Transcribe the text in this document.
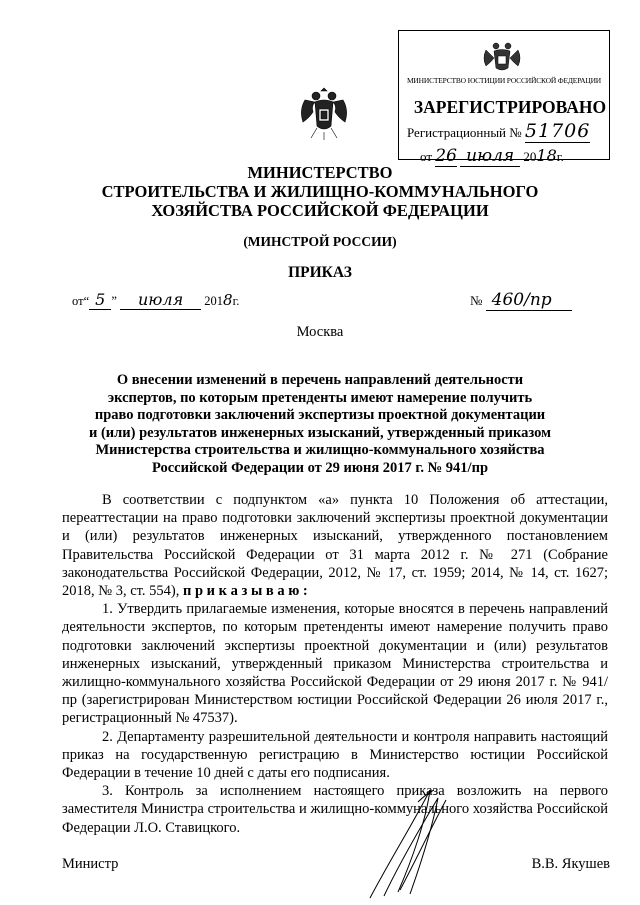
МИНИСТЕРСТВО ЮСТИЦИИ РОССИЙСКОЙ ФЕДЕРАЦИИ
ЗАРЕГИСТРИРОВАНО
Регистрационный № 51706
от 26 июля 2018г.
МИНИСТЕРСТВО
СТРОИТЕЛЬСТВА И ЖИЛИЩНО-КОММУНАЛЬНОГО
ХОЗЯЙСТВА РОССИЙСКОЙ ФЕДЕРАЦИИ
(МИНСТРОЙ РОССИИ)
ПРИКАЗ
от“ 5 ” июля 2018г.	№ 460/пр
Москва
О внесении изменений в перечень направлений деятельности
экспертов, по которым претенденты имеют намерение получить
право подготовки заключений экспертизы проектной документации
и (или) результатов инженерных изысканий, утвержденный приказом
Министерства строительства и жилищно-коммунального хозяйства
Российской Федерации от 29 июня 2017 г. № 941/пр

В соответствии с подпунктом «а» пункта 10 Положения об аттестации, переаттестации на право подготовки заключений экспертизы проектной документации и (или) результатов инженерных изысканий, утвержденного постановлением Правительства Российской Федерации от 31 марта 2012 г. № 271 (Собрание законодательства Российской Федерации, 2012, № 17, ст. 1959; 2014, № 14, ст. 1627; 2018, № 3, ст. 554), п р и к а з ы в а ю :

1. Утвердить прилагаемые изменения, которые вносятся в перечень направлений деятельности экспертов, по которым претенденты имеют намерение получить право подготовки заключений экспертизы проектной документации и (или) результатов инженерных изысканий, утвержденный приказом Министерства строительства и жилищно-коммунального хозяйства Российской Федерации от 29 июня 2017 г. № 941/пр (зарегистрирован Министерством юстиции Российской Федерации 26 июля 2017 г., регистрационный № 47537).

2. Департаменту разрешительной деятельности и контроля направить настоящий приказ на государственную регистрацию в Министерство юстиции Российской Федерации в течение 10 дней с даты его подписания.

3. Контроль за исполнением настоящего приказа возложить на первого заместителя Министра строительства и жилищно-коммунального хозяйства Российской Федерации Л.О. Ставицкого.

Министр	В.В. Якушев
